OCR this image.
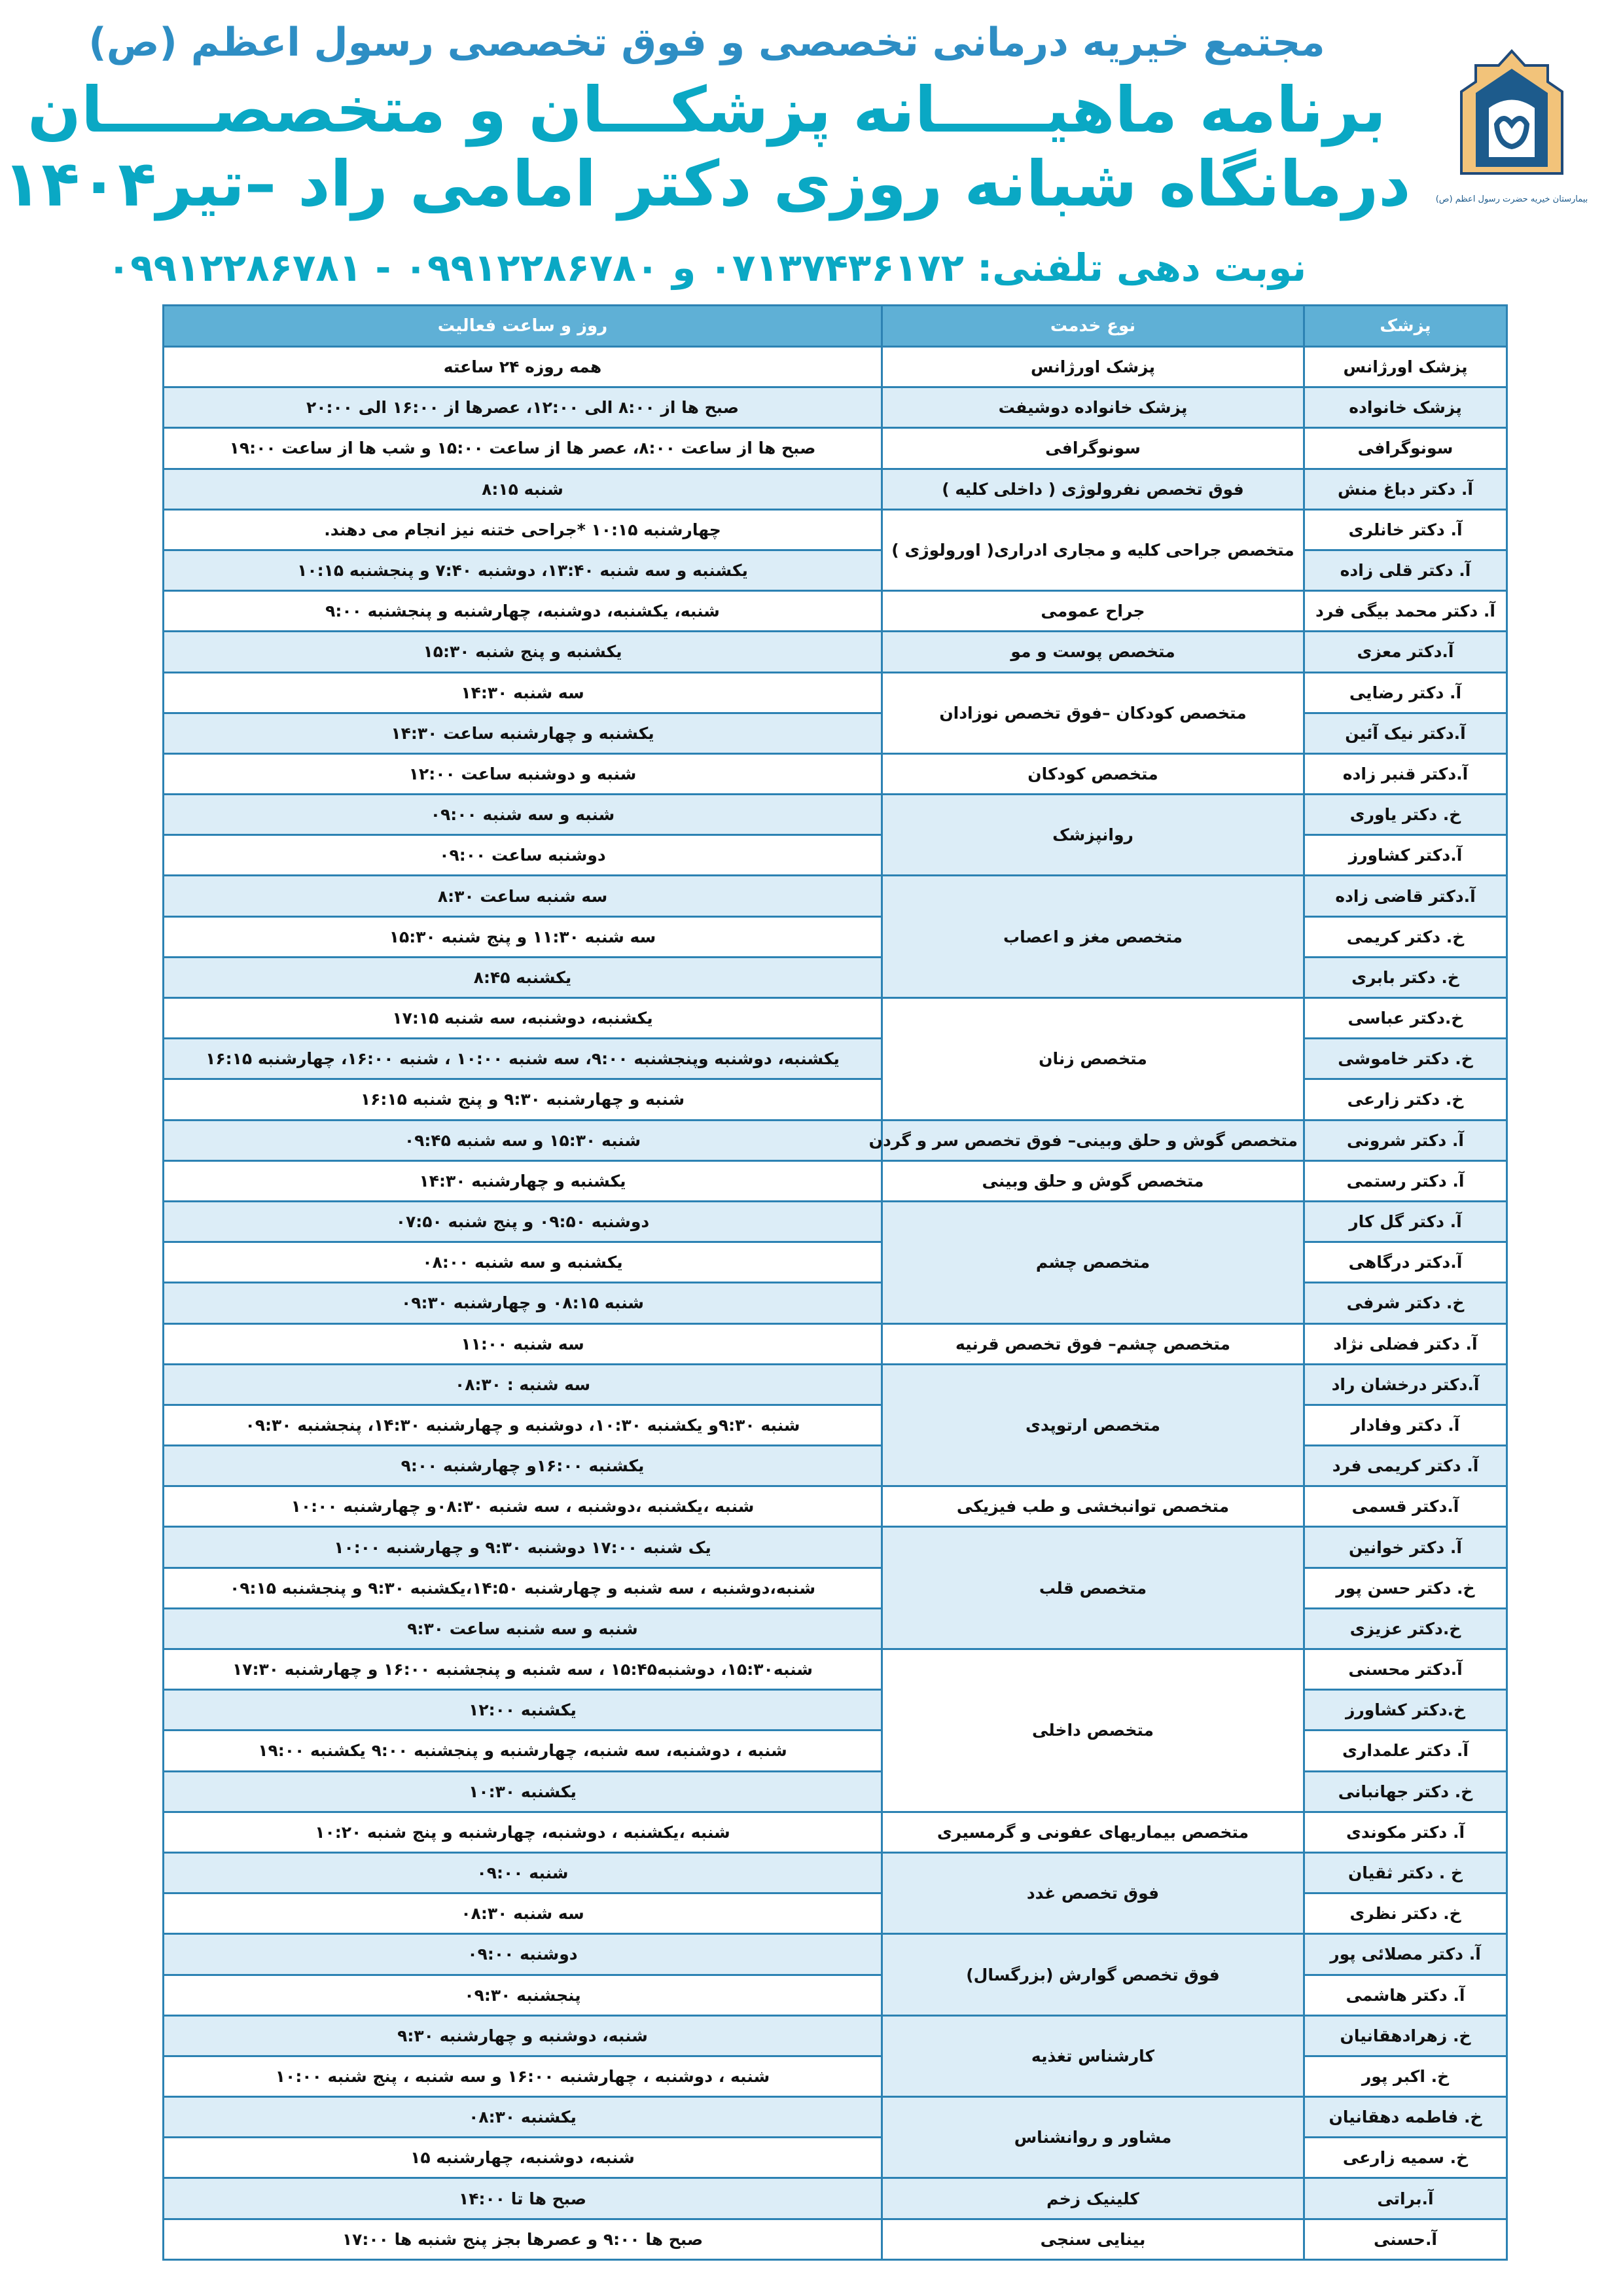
بیمارستان خیریه حضرت رسول اعظم (ص)
مجتمع خیریه درمانی تخصصی و فوق تخصصی رسول اعظم (ص)
برنامه ماهیـــــانه پزشکـــان و متخصصـــــان
درمانگاه شبانه روزی دکتر امامی راد –تیر۱۴۰۴
نوبت دهی تلفنی: ۰۷۱۳۷۴۳۶۱۷۲ و ۰۹۹۱۲۲۸۶۷۸۰ - ۰۹۹۱۲۲۸۶۷۸۱
پزشک	نوع خدمت	روز و ساعت فعالیت
پزشک اورژانس	پزشک اورژانس	همه روزه ۲۴ ساعته
پزشک خانواده	پزشک خانواده دوشیفت	صبح ها از ۸:۰۰ الی ۱۲:۰۰، عصرها از ۱۶:۰۰ الی ۲۰:۰۰
سونوگرافی	سونوگرافی	صبح ها از ساعت ۸:۰۰، عصر ها از ساعت ۱۵:۰۰ و شب ها از ساعت ۱۹:۰۰
آ. دکتر دباغ منش	فوق تخصص نفرولوژی ( داخلی کلیه )	شنبه ۸:۱۵
آ. دکتر خانلری	متخصص جراحی کلیه و مجاری ادراری( اورولوژی )	چهارشنبه ۱۰:۱۵ *جراحی ختنه نیز انجام می دهند.
آ. دکتر قلی زاده		یکشنبه و سه شنبه ۱۳:۴۰، دوشنبه ۷:۴۰ و پنجشنبه ۱۰:۱۵
آ. دکتر محمد بیگی فرد	جراح عمومی	شنبه، یکشنبه، دوشنبه، چهارشنبه و پنجشنبه ۹:۰۰
آ.دکتر معزی	متخصص پوست و مو	یکشنبه و پنج شنبه ۱۵:۳۰
آ. دکتر رضایی	متخصص کودکان –فوق تخصص نوزادان	سه شنبه ۱۴:۳۰
آ.دکتر نیک آئین		یکشنبه و چهارشنبه ساعت ۱۴:۳۰
آ.دکتر قنبر زاده	متخصص کودکان	شنبه و دوشنبه ساعت ۱۲:۰۰
خ. دکتر یاوری	روانپزشک	شنبه و سه شنبه ۰۹:۰۰
آ.دکتر کشاورز		دوشنبه ساعت ۰۹:۰۰
آ.دکتر قاضی زاده	متخصص مغز و اعصاب	سه شنبه ساعت ۸:۳۰
خ. دکتر کریمی		سه شنبه ۱۱:۳۰ و پنج شنبه ۱۵:۳۰
خ. دکتر بابری		یکشنبه ۸:۴۵
خ.دکتر عباسی	متخصص زنان	یکشنبه، دوشنبه، سه شنبه ۱۷:۱۵
خ. دکتر خاموشی		یکشنبه، دوشنبه وپنجشنبه ۹:۰۰، سه شنبه ۱۰:۰۰ ، شنبه ۱۶:۰۰، چهارشنبه ۱۶:۱۵
خ. دکتر زارعی		شنبه و چهارشنبه ۹:۳۰ و پنج شنبه ۱۶:۱۵
آ. دکتر شرونی	متخصص گوش و حلق وبینی– فوق تخصص سر و گردن	شنبه ۱۵:۳۰ و سه شنبه ۰۹:۴۵
آ. دکتر رستمی	متخصص گوش و حلق وبینی	یکشنبه و چهارشنبه ۱۴:۳۰
آ. دکتر گل کار	متخصص چشم	دوشنبه ۰۹:۵۰ و پنج شنبه ۰۷:۵۰
آ.دکتر درگاهی		یکشنبه و سه شنبه ۰۸:۰۰
خ. دکتر شرفی		شنبه ۰۸:۱۵ و چهارشنبه ۰۹:۳۰
آ. دکتر فضلی نژاد	متخصص چشم– فوق تخصص قرنیه	سه شنبه ۱۱:۰۰
آ.دکتر درخشان راد	متخصص ارتوپدی	سه شنبه : ۰۸:۳۰
آ. دکتر وفادار		شنبه ۹:۳۰و یکشنبه ۱۰:۳۰، دوشنبه و چهارشنبه ۱۴:۳۰، پنجشنبه ۰۹:۳۰
آ. دکتر کریمی فرد		یکشنبه ۱۶:۰۰و چهارشنبه ۹:۰۰
آ.دکتر قسمی	متخصص توانبخشی و طب فیزیکی	شنبه ،یکشنبه ،دوشنبه ، سه شنبه ۰۸:۳۰و چهارشنبه ۱۰:۰۰
آ. دکتر خوانین	متخصص قلب	یک شنبه ۱۷:۰۰ دوشنبه ۹:۳۰ و چهارشنبه ۱۰:۰۰
خ. دکتر حسن پور		شنبه،دوشنبه ، سه شنبه و چهارشنبه ۱۴:۵۰،یکشنبه ۹:۳۰ و پنجشنبه ۰۹:۱۵
خ.دکتر عزیزی		شنبه و سه شنبه ساعت ۹:۳۰
آ.دکتر محسنی	متخصص داخلی	شنبه۱۵:۳۰، دوشنبه۱۵:۴۵ ، سه شنبه و پنجشنبه ۱۶:۰۰ و چهارشنبه ۱۷:۳۰
خ.دکتر کشاورز		یکشنبه ۱۲:۰۰
آ. دکتر علمداری		شنبه ، دوشنبه، سه شنبه، چهارشنبه و پنجشنبه ۹:۰۰ یکشنبه ۱۹:۰۰
خ. دکتر جهانبانی		یکشنبه ۱۰:۳۰
آ. دکتر مکوندی	متخصص بیماریهای عفونی و گرمسیری	شنبه ،یکشنبه ، دوشنبه، چهارشنبه و پنج شنبه ۱۰:۲۰
خ . دکتر ثقیان	فوق تخصص غدد	شنبه ۰۹:۰۰
خ. دکتر نظری		سه شنبه ۰۸:۳۰
آ. دکتر مصلائی پور	فوق تخصص گوارش (بزرگسال)	دوشنبه ۰۹:۰۰
آ. دکتر هاشمی		پنجشنبه ۰۹:۳۰
خ. زهرادهقانیان	کارشناس تغذیه	شنبه، دوشنبه و چهارشنبه ۹:۳۰
خ. اکبر پور		شنبه ، دوشنبه ، چهارشنبه ۱۶:۰۰ و سه شنبه ، پنج شنبه ۱۰:۰۰
خ. فاطمه دهقانیان	مشاور و روانشناس	یکشنبه ۰۸:۳۰
خ. سمیه زارعی		شنبه، دوشنبه، چهارشنبه ۱۵
آ.براتی	کلینیک زخم	صبح ها تا ۱۴:۰۰
آ.حسنی	بینایی سنجی	صبح ها ۹:۰۰ و عصرها بجز پنج شنبه ها ۱۷:۰۰
